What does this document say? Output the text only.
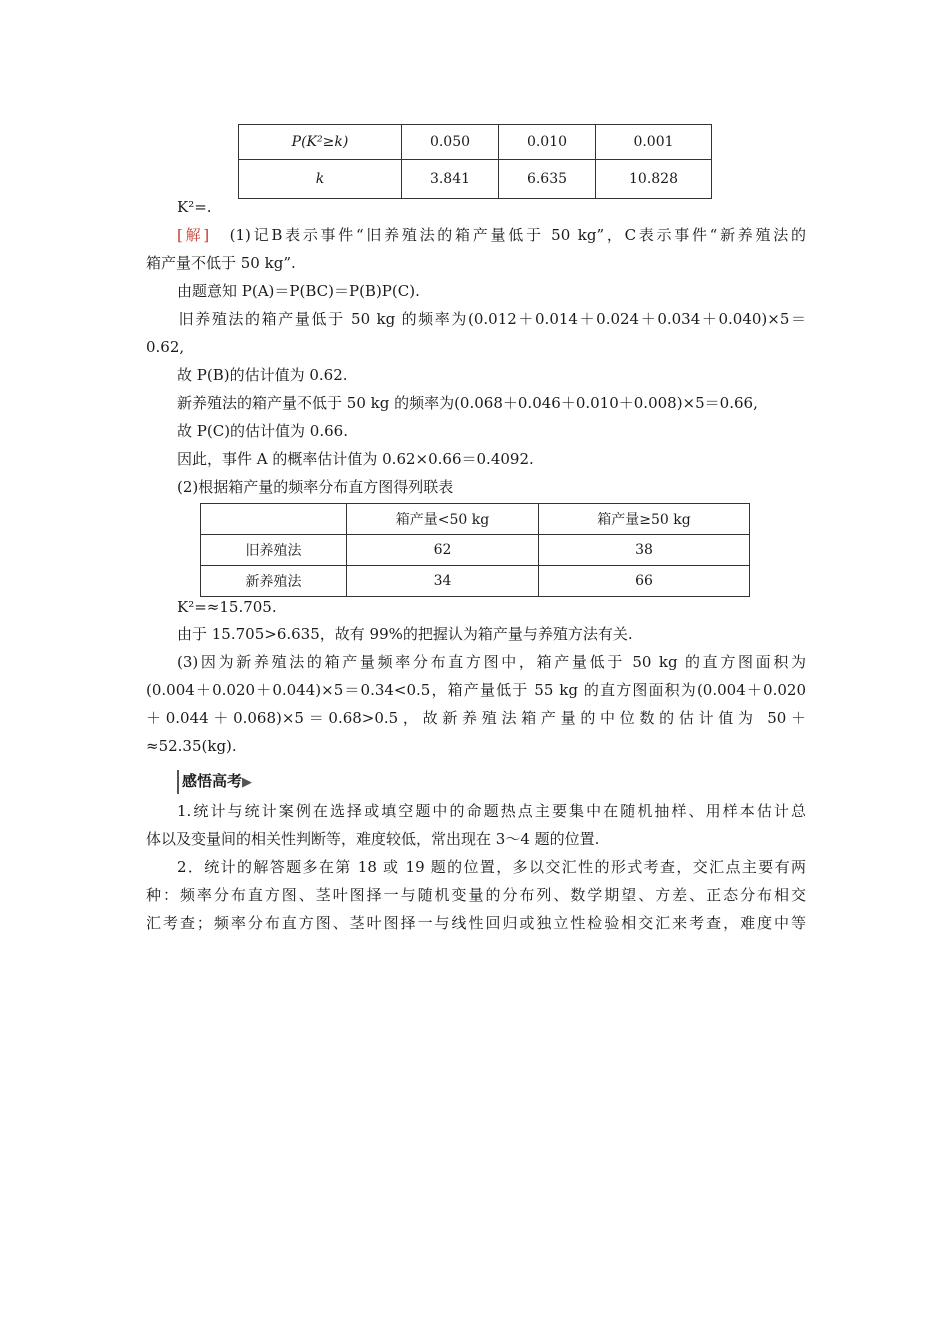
P(K²≥k)	0.050	0.010	0.001
k	3.841	6.635	10.828
K²=.
[解]　 (1)记B表示事件“旧养殖法的箱产量低于 50 kg”，C表示事件“新养殖法的
箱产量不低于 50 kg”.
由题意知 P(A)＝P(BC)＝P(B)P(C).
旧养殖法的箱产量低于 50 kg 的频率为(0.012＋0.014＋0.024＋0.034＋0.040)×5＝
0.62,
故 P(B)的估计值为 0.62.
新养殖法的箱产量不低于 50 kg 的频率为(0.068＋0.046＋0.010＋0.008)×5＝0.66,
故 P(C)的估计值为 0.66.
因此，事件 A 的概率估计值为 0.62×0.66＝0.4092.
(2)根据箱产量的频率分布直方图得列联表
	箱产量<50 kg	箱产量≥50 kg
旧养殖法	62	38
新养殖法	34	66
K²=≈15.705.
由于 15.705>6.635，故有 99%的把握认为箱产量与养殖方法有关.
(3)因为新养殖法的箱产量频率分布直方图中，箱产量低于 50 kg 的直方图面积为
(0.004＋0.020＋0.044)×5＝0.34<0.5，箱产量低于 55 kg 的直方图面积为(0.004＋0.020
＋0.044＋0.068)×5＝0.68>0.5，故新养殖法箱产量的中位数的估计值为 50＋
≈52.35(kg).
感悟高考▶
1.统计与统计案例在选择或填空题中的命题热点主要集中在随机抽样、用样本估计总
体以及变量间的相关性判断等，难度较低，常出现在 3～4 题的位置.
2．统计的解答题多在第 18 或 19 题的位置，多以交汇性的形式考查，交汇点主要有两
种：频率分布直方图、茎叶图择一与随机变量的分布列、数学期望、方差、正态分布相交
汇考查；频率分布直方图、茎叶图择一与线性回归或独立性检验相交汇来考查，难度中等
